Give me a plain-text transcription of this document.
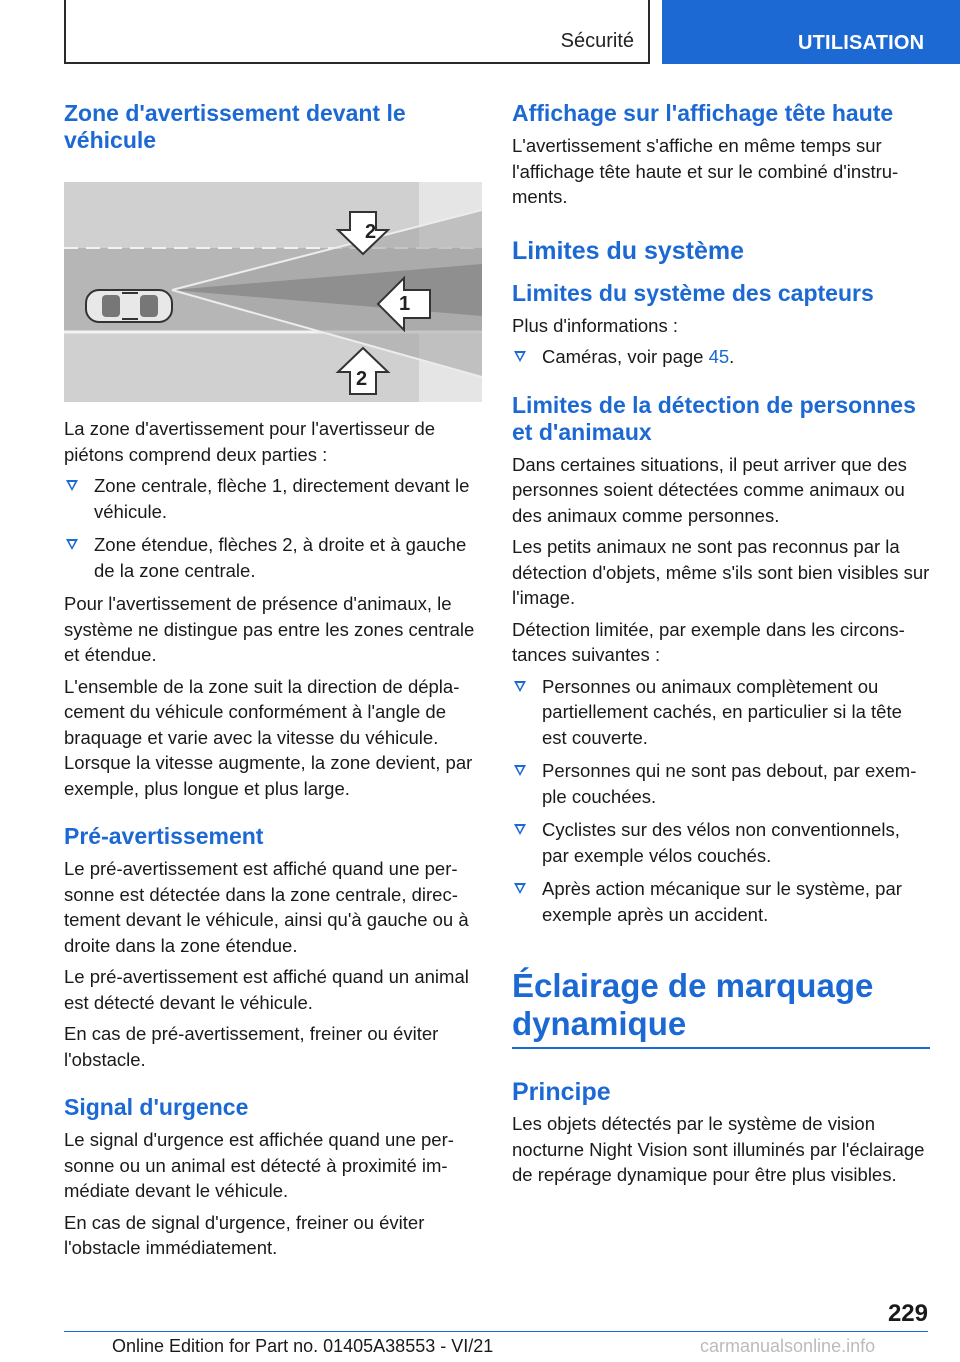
Sécurité	UTILISATION
Zone d'avertissement devant le véhicule
2
1
2

La zone d'avertissement pour l'avertisseur de piétons comprend deux parties :

Zone centrale, flèche 1, directement devant le véhicule.
Zone étendue, flèches 2, à droite et à gauche de la zone centrale.

Pour l'avertissement de présence d'animaux, le système ne distingue pas entre les zones centrale et étendue.

L'ensemble de la zone suit la direction de déplacement du véhicule conformément à l'angle de braquage et varie avec la vitesse du véhicule. Lorsque la vitesse augmente, la zone devient, par exemple, plus longue et plus large.

Pré-avertissement

Le pré-avertissement est affiché quand une personne est détectée dans la zone centrale, directement devant le véhicule, ainsi qu'à gauche ou à droite dans la zone étendue.

Le pré-avertissement est affiché quand un animal est détecté devant le véhicule.

En cas de pré-avertissement, freiner ou éviter l'obstacle.

Signal d'urgence

Le signal d'urgence est affichée quand une personne ou un animal est détecté à proximité immédiate devant le véhicule.

En cas de signal d'urgence, freiner ou éviter l'obstacle immédiatement.

Affichage sur l'affichage tête haute

L'avertissement s'affiche en même temps sur l'affichage tête haute et sur le combiné d'instruments.

Limites du système
Limites du système des capteurs

Plus d'informations :

Caméras, voir page 45.
Limites de la détection de personnes et d'animaux

Dans certaines situations, il peut arriver que des personnes soient détectées comme animaux ou des animaux comme personnes.

Les petits animaux ne sont pas reconnus par la détection d'objets, même s'ils sont bien visibles sur l'image.

Détection limitée, par exemple dans les circonstances suivantes :

Personnes ou animaux complètement ou partiellement cachés, en particulier si la tête est couverte.
Personnes qui ne sont pas debout, par exemple couchées.
Cyclistes sur des vélos non conventionnels, par exemple vélos couchés.
Après action mécanique sur le système, par exemple après un accident.
Éclairage de marquage dynamique
Principe

Les objets détectés par le système de vision nocturne Night Vision sont illuminés par l'éclairage de repérage dynamique pour être plus visibles.

229
Online Edition for Part no. 01405A38553 - VI/21	carmanualsonline.info
